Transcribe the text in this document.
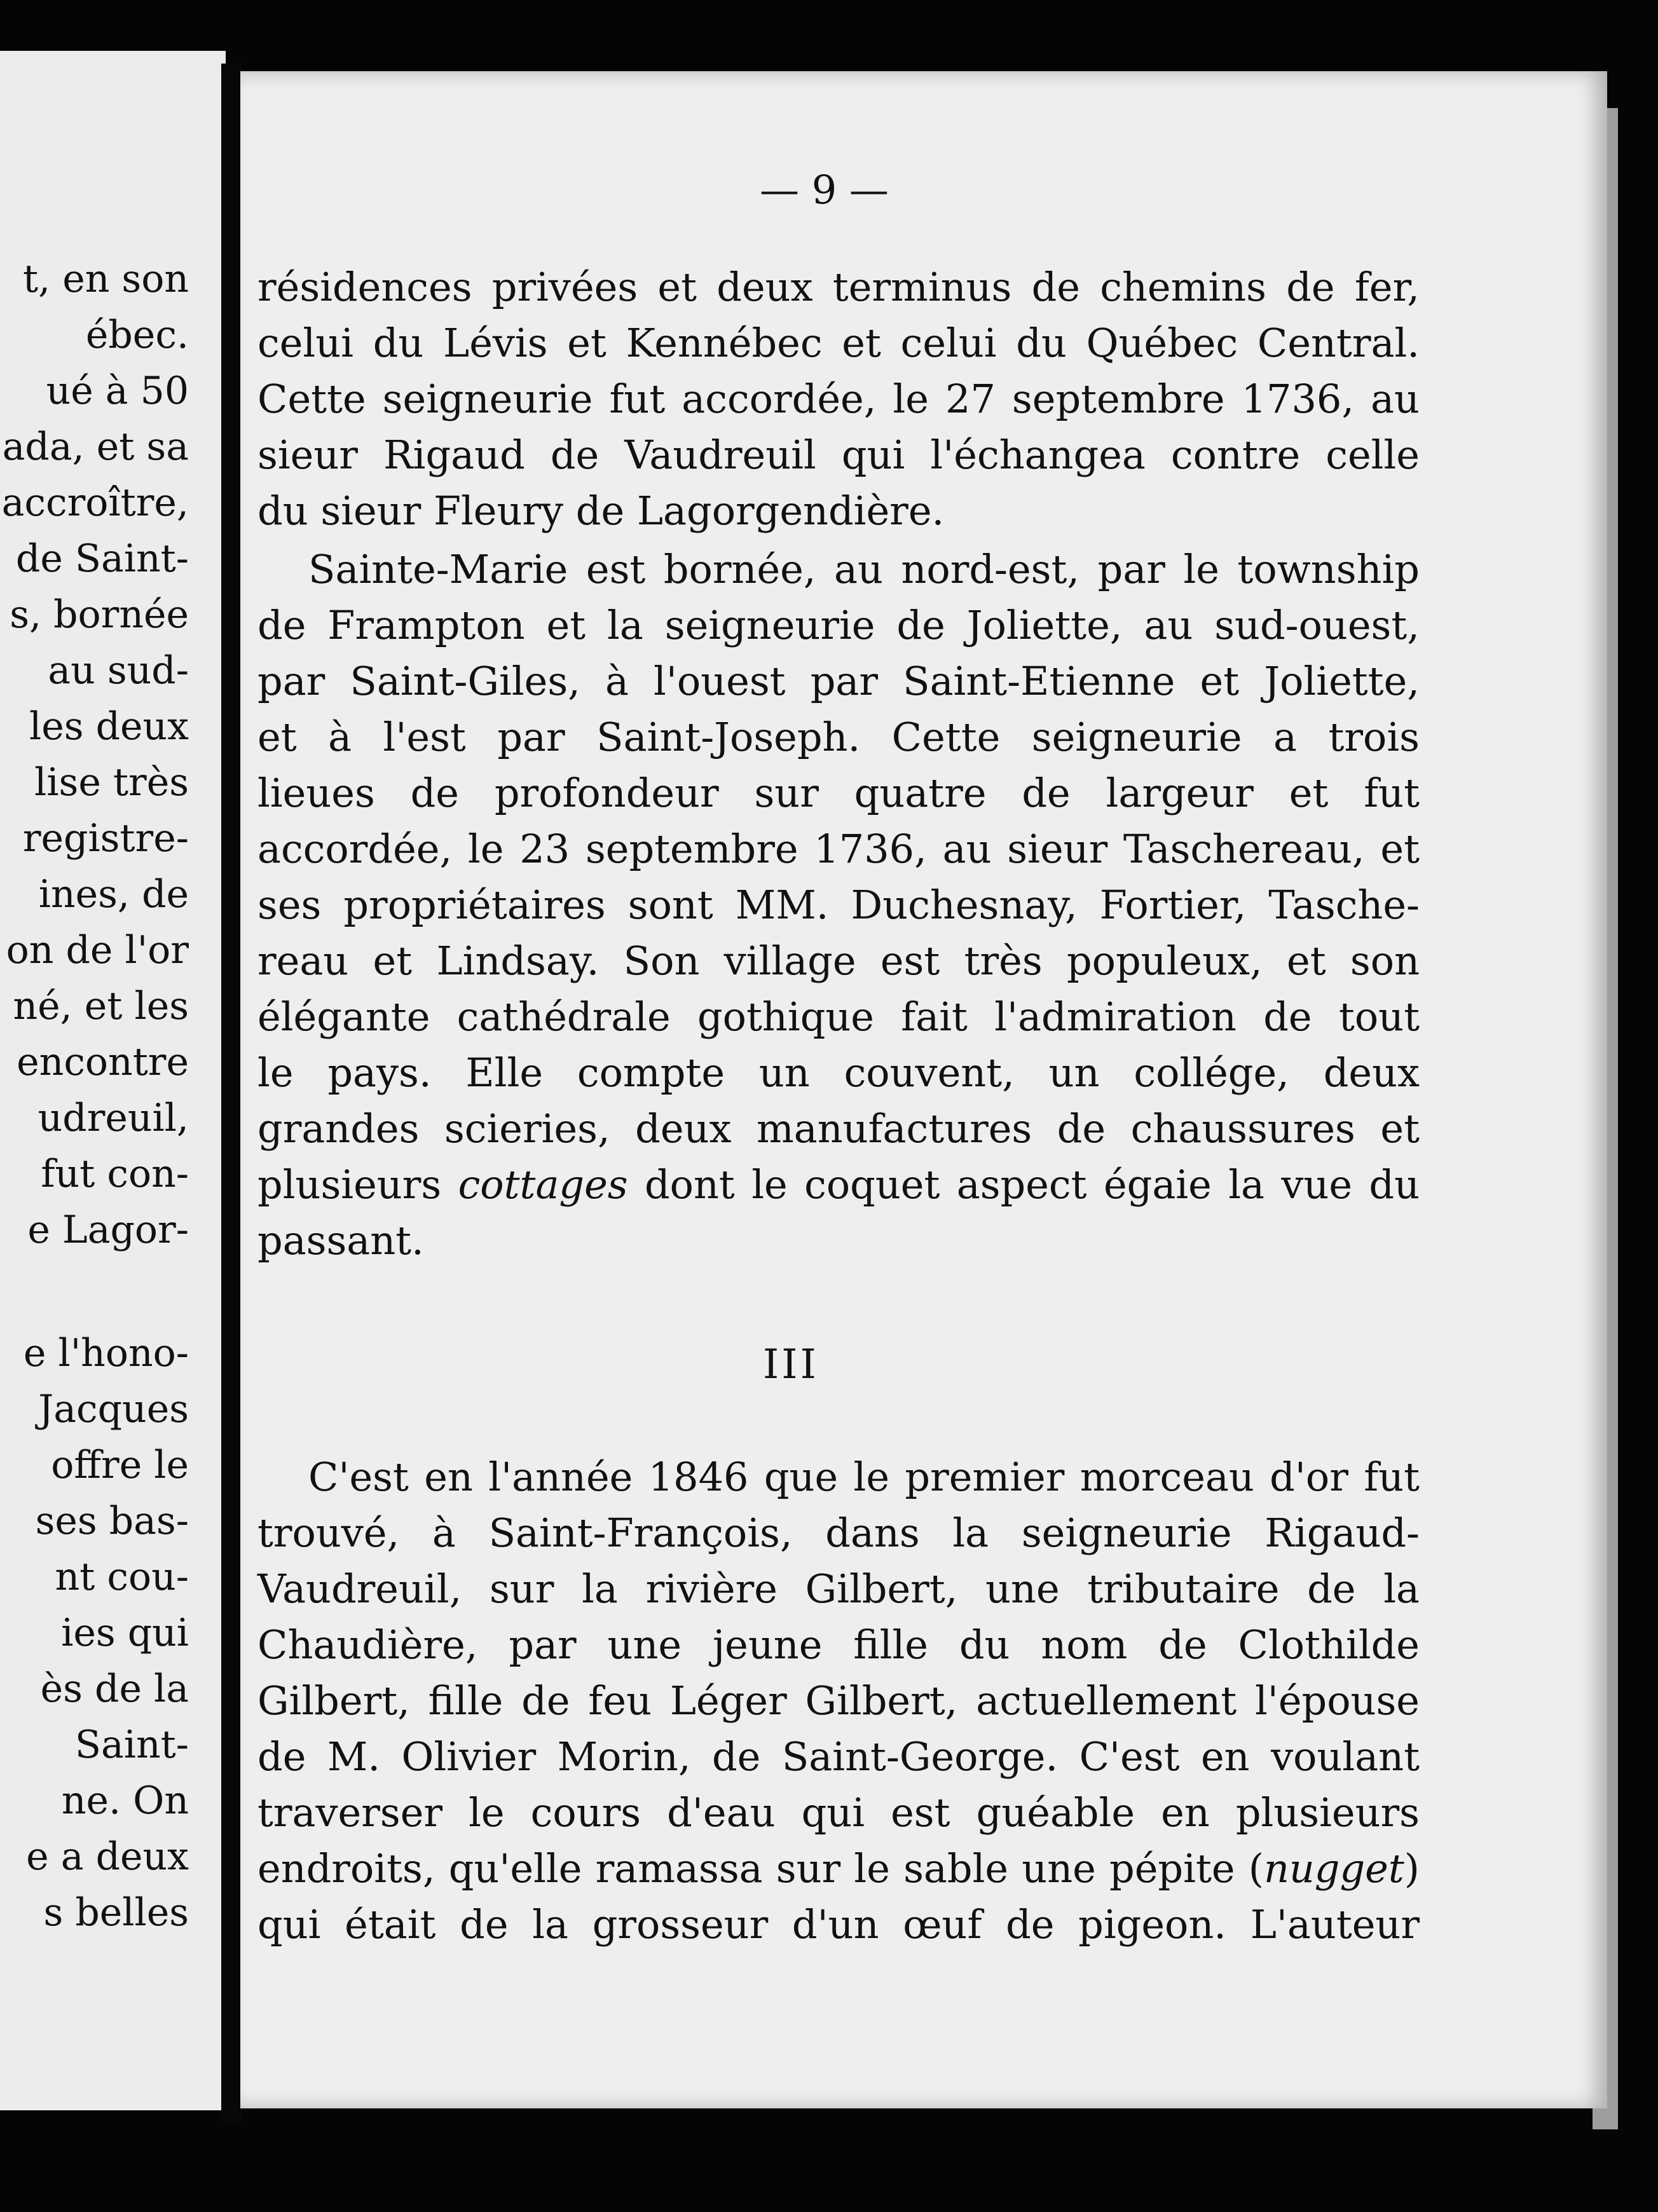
t, en son
ébec.
ué à 50
ada, et sa
accroître,
de Saint-
s, bornée
au sud-
les deux
lise très
registre-
ines, de
on de l'or
né, et les
encontre
udreuil,
fut con-
e Lagor-
e l'hono-
Jacques
offre le
ses bas-
nt cou-
ies qui
ès de la
Saint-
ne. On
e a deux
s belles
— 9 —
résidences privées et deux terminus de chemins de fer,
celui du Lévis et Kennébec et celui du Québec Central.
Cette seigneurie fut accordée, le 27 septembre 1736, au
sieur Rigaud de Vaudreuil qui l'échangea contre celle
du sieur Fleury de Lagorgendière.
Sainte-Marie est bornée, au nord-est, par le township
de Frampton et la seigneurie de Joliette, au sud-ouest,
par Saint-Giles, à l'ouest par Saint-Etienne et Joliette,
et à l'est par Saint-Joseph. Cette seigneurie a trois
lieues de profondeur sur quatre de largeur et fut
accordée, le 23 septembre 1736, au sieur Taschereau, et
ses propriétaires sont MM. Duchesnay, Fortier, Tasche-
reau et Lindsay. Son village est très populeux, et son
élégante cathédrale gothique fait l'admiration de tout
le pays. Elle compte un couvent, un collége, deux
grandes scieries, deux manufactures de chaussures et
plusieurs cottages dont le coquet aspect égaie la vue du
passant.
III
C'est en l'année 1846 que le premier morceau d'or fut
trouvé, à Saint-François, dans la seigneurie Rigaud-
Vaudreuil, sur la rivière Gilbert, une tributaire de la
Chaudière, par une jeune fille du nom de Clothilde
Gilbert, fille de feu Léger Gilbert, actuellement l'épouse
de M. Olivier Morin, de Saint-George. C'est en voulant
traverser le cours d'eau qui est guéable en plusieurs
endroits, qu'elle ramassa sur le sable une pépite (nugget)
qui était de la grosseur d'un œuf de pigeon. L'auteur
